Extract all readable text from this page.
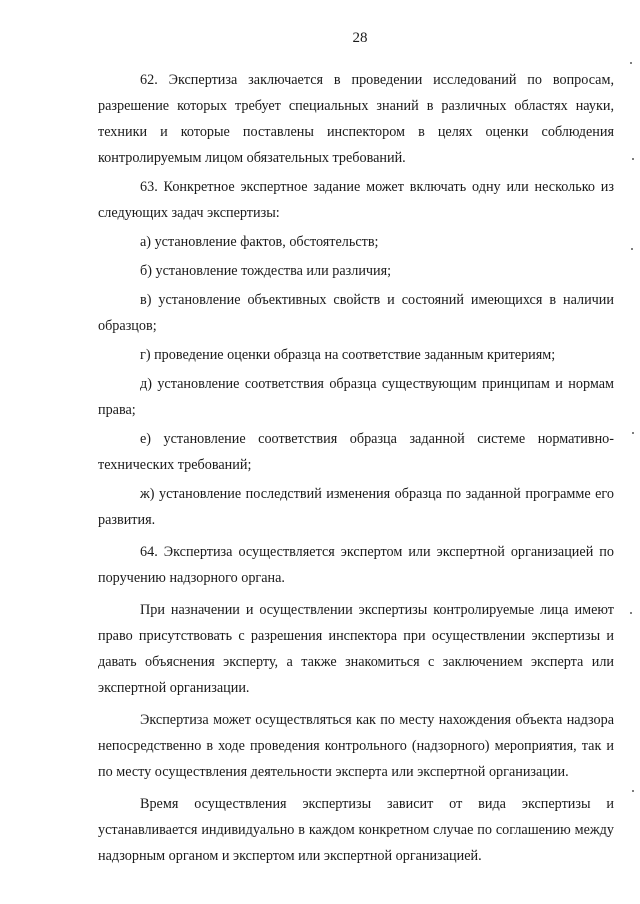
28

62. Экспертиза заключается в проведении исследований по вопросам, разрешение которых требует специальных знаний в различных областях науки, техники и которые поставлены инспектором в целях оценки соблюдения контролируемым лицом обязательных требований.

63. Конкретное экспертное задание может включать одну или несколько из следующих задач экспертизы:

а) установление фактов, обстоятельств;

б) установление тождества или различия;

в) установление объективных свойств и состояний имеющихся в наличии образцов;

г) проведение оценки образца на соответствие заданным критериям;

д) установление соответствия образца существующим принципам и нормам права;

е) установление соответствия образца заданной системе нормативно-технических требований;

ж) установление последствий изменения образца по заданной программе его развития.

64. Экспертиза осуществляется экспертом или экспертной организацией по поручению надзорного органа.

При назначении и осуществлении экспертизы контролируемые лица имеют право присутствовать с разрешения инспектора при осуществлении экспертизы и давать объяснения эксперту, а также знакомиться с заключением эксперта или экспертной организации.

Экспертиза может осуществляться как по месту нахождения объекта надзора непосредственно в ходе проведения контрольного (надзорного) мероприятия, так и по месту осуществления деятельности эксперта или экспертной организации.

Время осуществления экспертизы зависит от вида экспертизы и устанавливается индивидуально в каждом конкретном случае по соглашению между надзорным органом и экспертом или экспертной организацией.
